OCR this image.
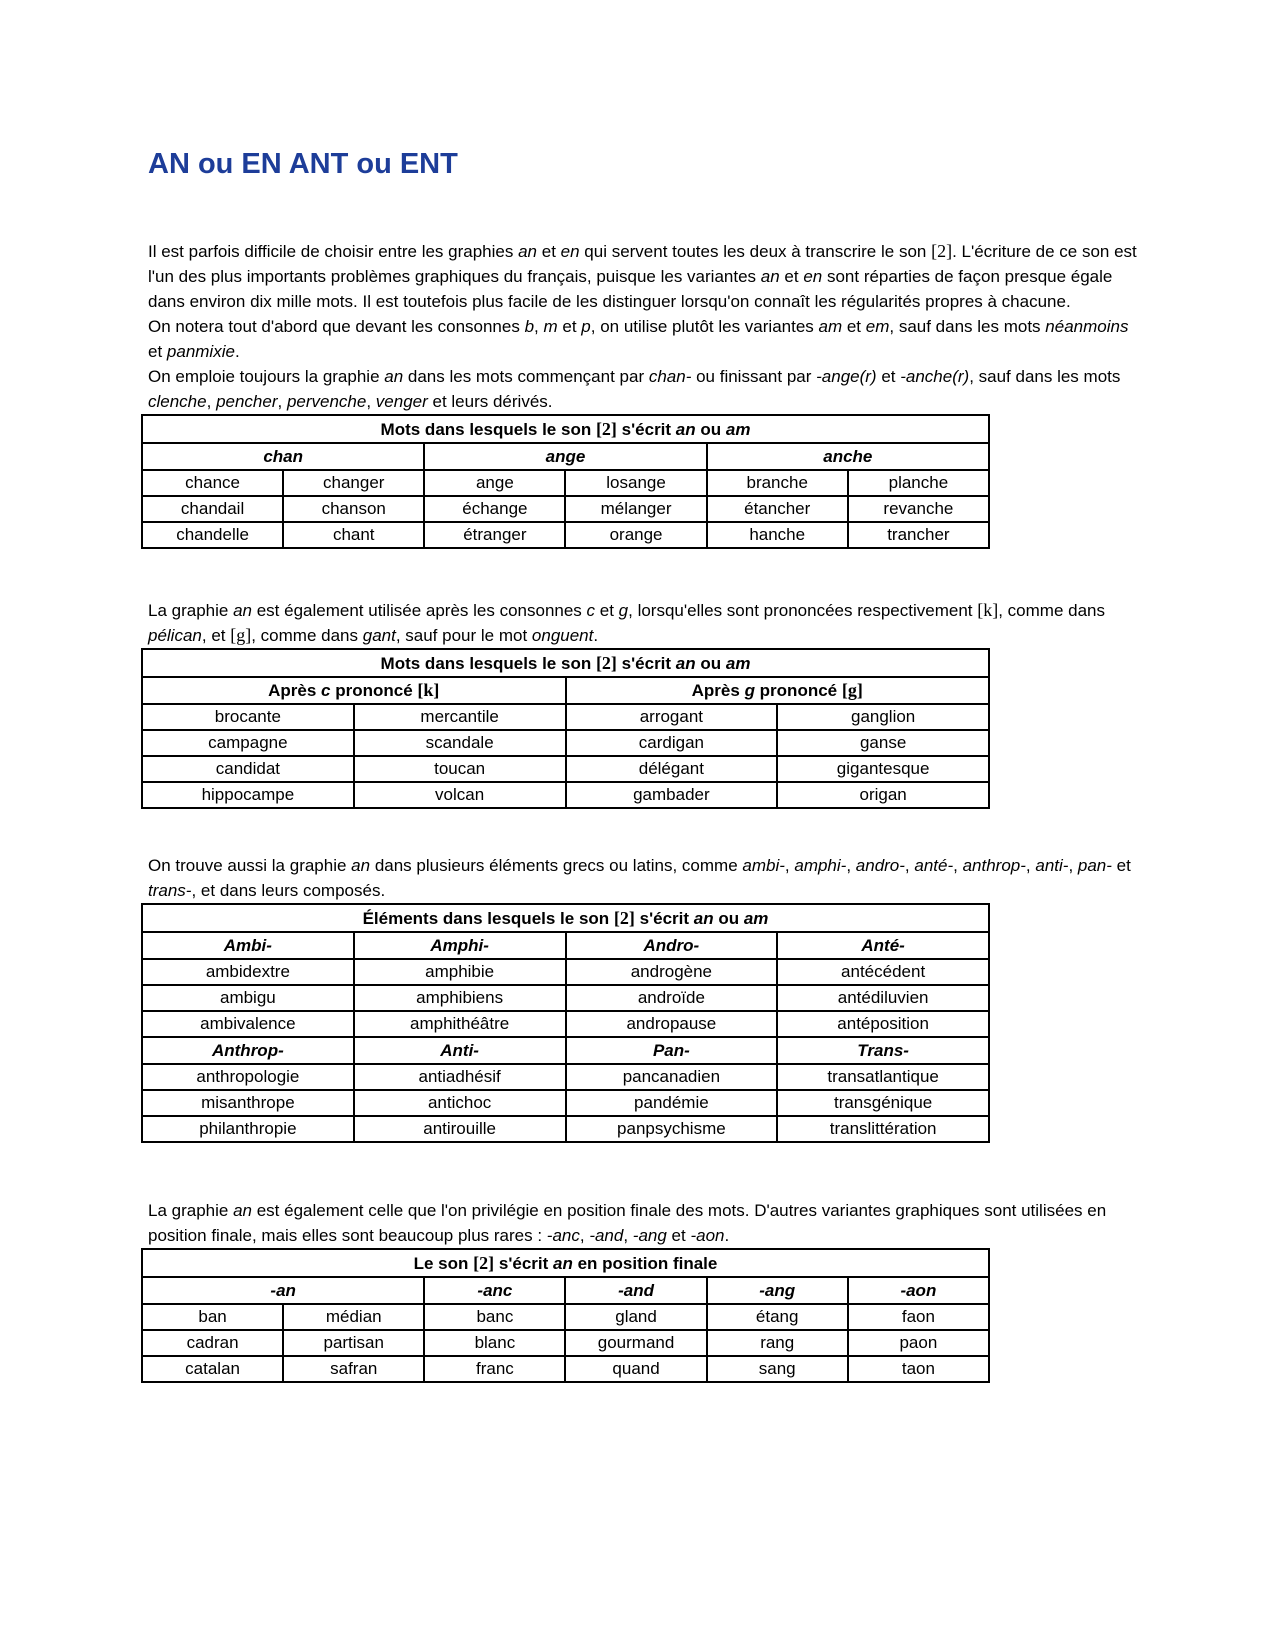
AN ou EN ANT ou ENT

Il est parfois difficile de choisir entre les graphies an et en qui servent toutes les deux à transcrire le son [2]. L'écriture de ce son est l'un des plus importants problèmes graphiques du français, puisque les variantes an et en sont réparties de façon presque égale dans environ dix mille mots. Il est toutefois plus facile de les distinguer lorsqu'on connaît les régularités propres à chacune.

On notera tout d'abord que devant les consonnes b, m et p, on utilise plutôt les variantes am et em, sauf dans les mots néanmoins et panmixie.

On emploie toujours la graphie an dans les mots commençant par chan- ou finissant par -ange(r) et -anche(r), sauf dans les mots clenche, pencher, pervenche, venger et leurs dérivés.

Mots dans lesquels le son [2] s'écrit an ou am					
chan		ange		anche	
chance	changer	ange	losange	branche	planche
chandail	chanson	échange	mélanger	étancher	revanche
chandelle	chant	étranger	orange	hanche	trancher

La graphie an est également utilisée après les consonnes c et g, lorsqu'elles sont prononcées respectivement [k], comme dans pélican, et [g], comme dans gant, sauf pour le mot onguent.

Mots dans lesquels le son [2] s'écrit an ou am			
Après c prononcé [k]		Après g prononcé [g]	
brocante	mercantile	arrogant	ganglion
campagne	scandale	cardigan	ganse
candidat	toucan	délégant	gigantesque
hippocampe	volcan	gambader	origan

On trouve aussi la graphie an dans plusieurs éléments grecs ou latins, comme ambi-, amphi-, andro-, anté-, anthrop-, anti-, pan- et trans-, et dans leurs composés.

Éléments dans lesquels le son [2] s'écrit an ou am			
Ambi-	Amphi-	Andro-	Anté-
ambidextre	amphibie	androgène	antécédent
ambigu	amphibiens	androïde	antédiluvien
ambivalence	amphithéâtre	andropause	antéposition
Anthrop-	Anti-	Pan-	Trans-
anthropologie	antiadhésif	pancanadien	transatlantique
misanthrope	antichoc	pandémie	transgénique
philanthropie	antirouille	panpsychisme	translittération

La graphie an est également celle que l'on privilégie en position finale des mots. D'autres variantes graphiques sont utilisées en position finale, mais elles sont beaucoup plus rares : -anc, -and, -ang et -aon.

Le son [2] s'écrit an en position finale					
-an		-anc	-and	-ang	-aon
ban	médian	banc	gland	étang	faon
cadran	partisan	blanc	gourmand	rang	paon
catalan	safran	franc	quand	sang	taon
